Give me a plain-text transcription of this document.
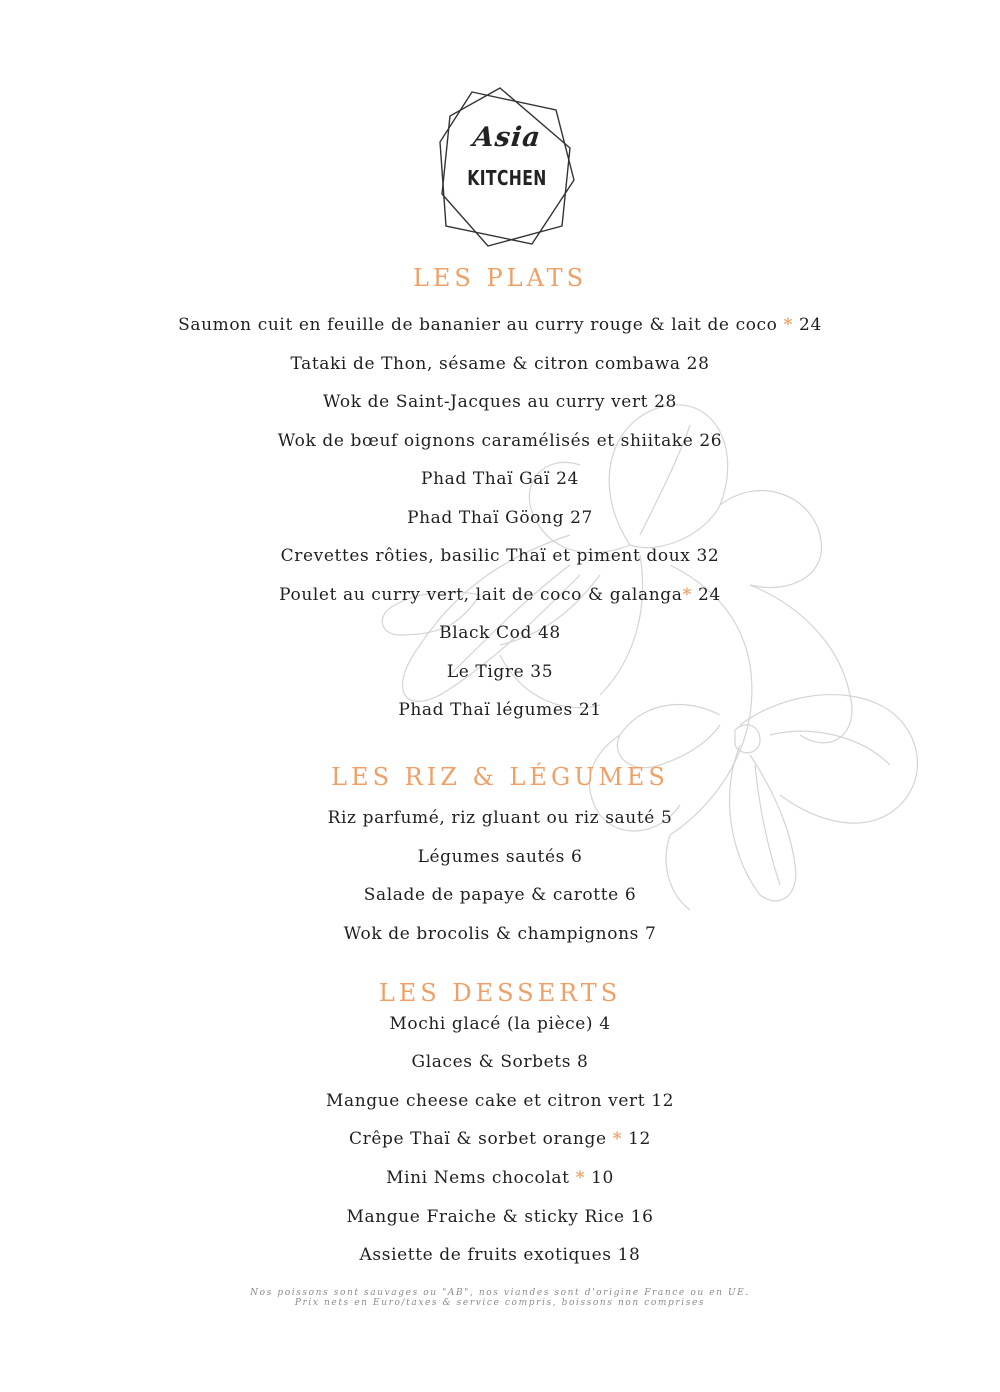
Asia
KITCHEN
LES PLATS
Saumon cuit en feuille de bananier au curry rouge & lait de coco * 24
Tataki de Thon, sésame & citron combawa 28
Wok de Saint-Jacques au curry vert 28
Wok de bœuf oignons caramélisés et shiitake 26
Phad Thaï Gaï 24
Phad Thaï Göong 27
Crevettes rôties, basilic Thaï et piment doux 32
Poulet au curry vert, lait de coco & galanga* 24
Black Cod 48
Le Tigre 35
Phad Thaï légumes 21
LES RIZ & LÉGUMES
Riz parfumé, riz gluant ou riz sauté 5
Légumes sautés 6
Salade de papaye & carotte 6
Wok de brocolis & champignons 7
LES DESSERTS
Mochi glacé (la pièce) 4
Glaces & Sorbets 8
Mangue cheese cake et citron vert 12
Crêpe Thaï & sorbet orange * 12
Mini Nems chocolat * 10
Mangue Fraiche & sticky Rice 16
Assiette de fruits exotiques 18
Nos poissons sont sauvages ou "AB", nos viandes sont d'origine France ou en UE.
Prix nets en Euro/taxes & service compris, boissons non comprises
